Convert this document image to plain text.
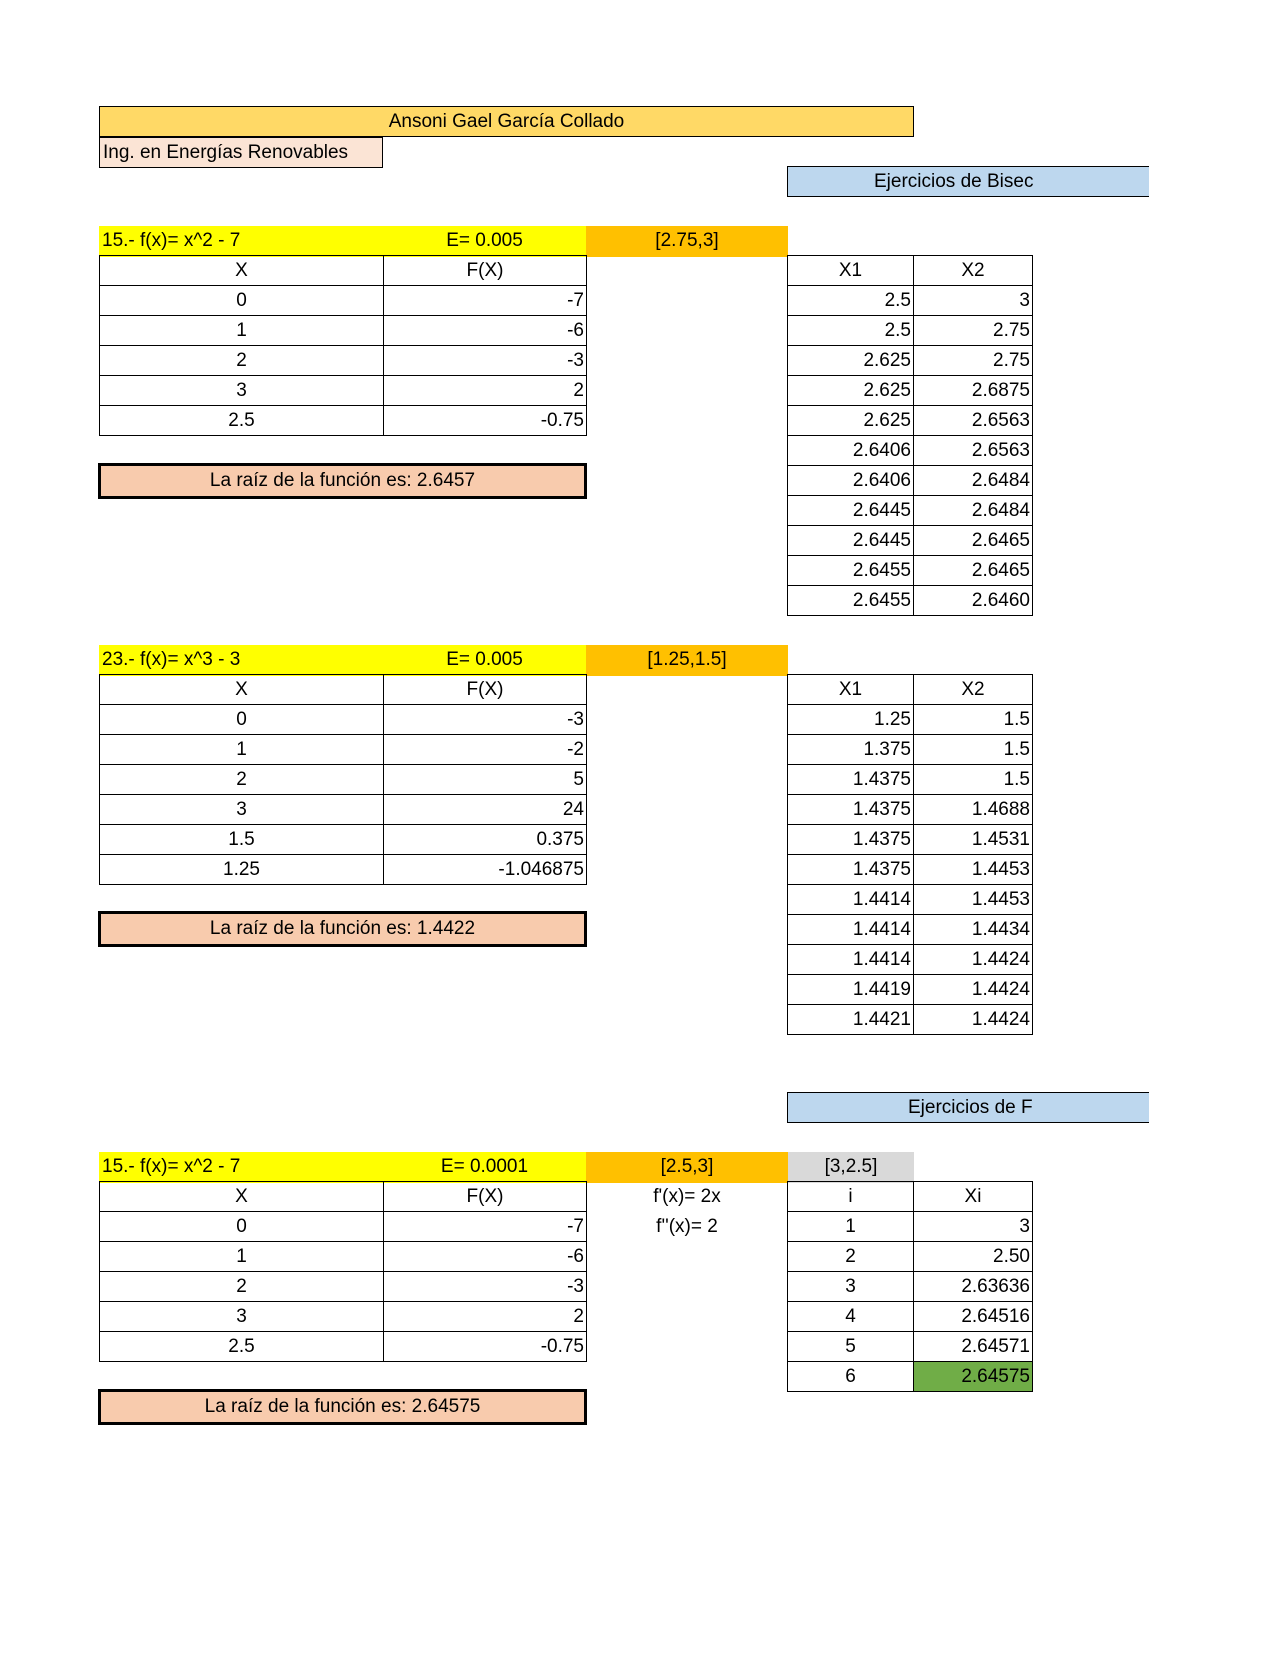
Ansoni Gael García Collado
Ing. en Energías Renovables
Ejercicios de Bisec
15.- f(x)= x^2 - 7	E= 0.005	[2.75,3]
X	F(X)
0	-7
1	-6
2	-3
3	2
2.5	-0.75
La raíz de la función es: 2.6457
X1	X2
2.5	3
2.5	2.75
2.625	2.75
2.625	2.6875
2.625	2.6563
2.6406	2.6563
2.6406	2.6484
2.6445	2.6484
2.6445	2.6465
2.6455	2.6465
2.6455	2.6460
23.- f(x)= x^3 - 3	E= 0.005	[1.25,1.5]
X	F(X)
0	-3
1	-2
2	5
3	24
1.5	0.375
1.25	-1.046875
La raíz de la función es: 1.4422
X1	X2
1.25	1.5
1.375	1.5
1.4375	1.5
1.4375	1.4688
1.4375	1.4531
1.4375	1.4453
1.4414	1.4453
1.4414	1.4434
1.4414	1.4424
1.4419	1.4424
1.4421	1.4424
Ejercicios de F
15.- f(x)= x^2 - 7	E= 0.0001	[2.5,3]	[3,2.5]
f'(x)= 2x
f''(x)= 2
X	F(X)
0	-7
1	-6
2	-3
3	2
2.5	-0.75
La raíz de la función es: 2.64575
i	Xi
1	3
2	2.50
3	2.63636
4	2.64516
5	2.64571
6	2.64575
